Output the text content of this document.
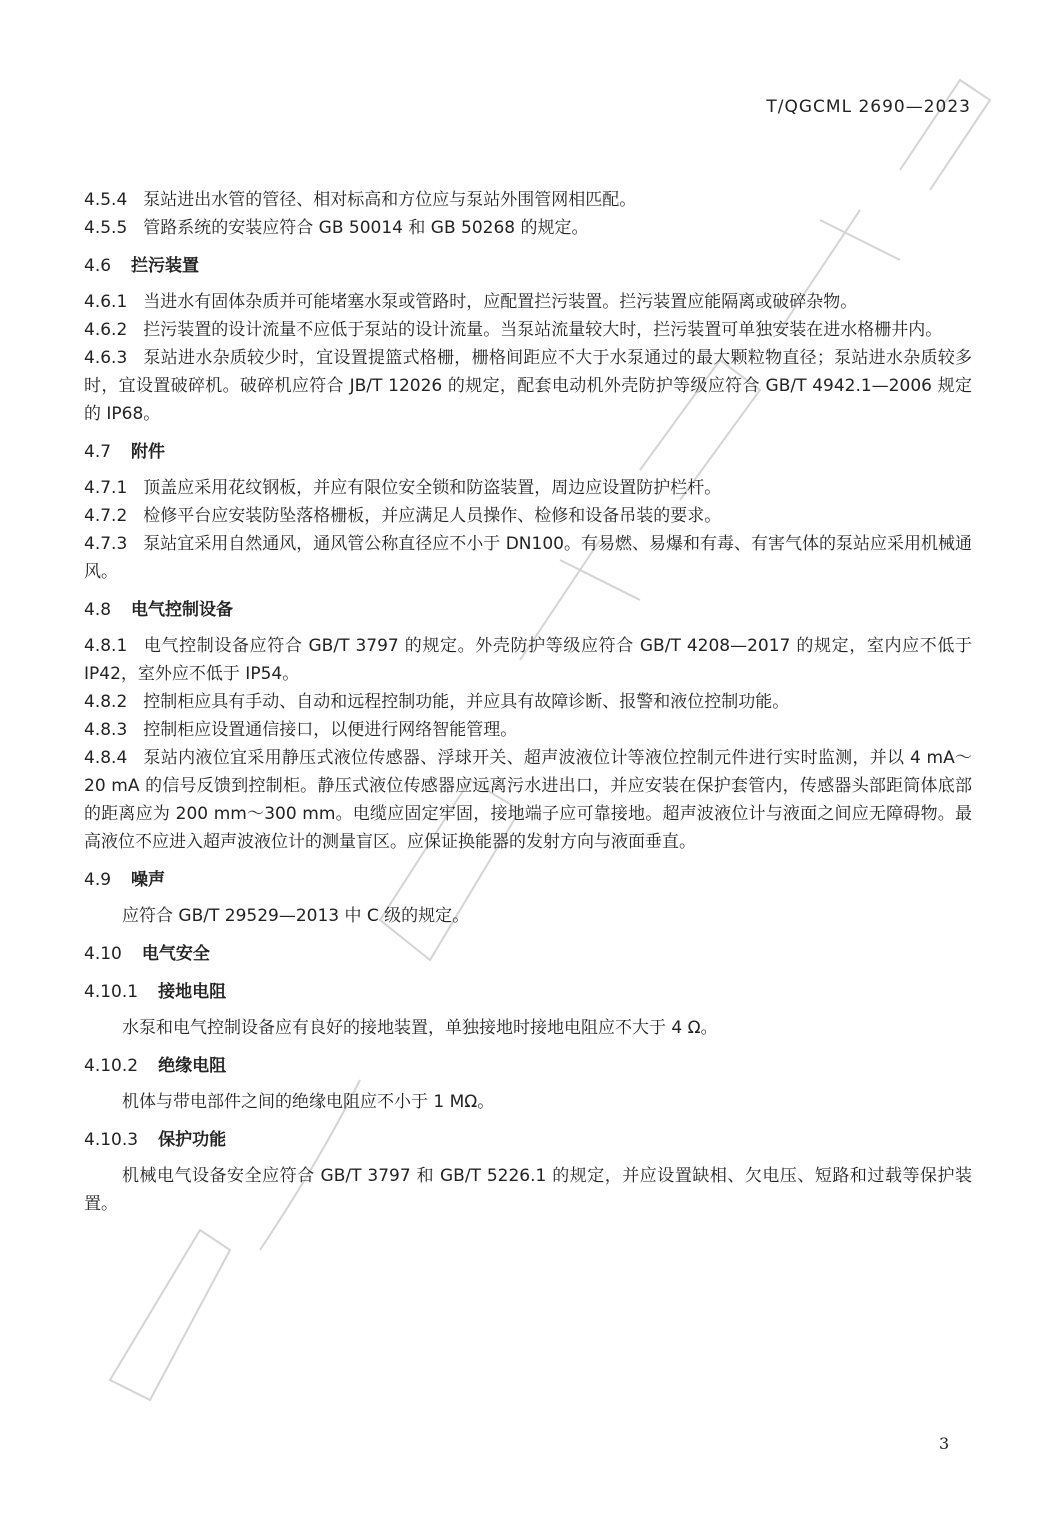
T/QGCML 2690—2023
4.5.4 泵站进出水管的管径、相对标高和方位应与泵站外围管网相匹配。
4.5.5 管路系统的安装应符合 GB 50014 和 GB 50268 的规定。
4.6 拦污装置
4.6.1 当进水有固体杂质并可能堵塞水泵或管路时，应配置拦污装置。拦污装置应能隔离或破碎杂物。
4.6.2 拦污装置的设计流量不应低于泵站的设计流量。当泵站流量较大时，拦污装置可单独安装在进水格栅井内。
4.6.3 泵站进水杂质较少时，宜设置提篮式格栅，栅格间距应不大于水泵通过的最大颗粒物直径；泵站进水杂质较多时，宜设置破碎机。破碎机应符合 JB/T 12026 的规定，配套电动机外壳防护等级应符合 GB/T 4942.1—2006 规定的 IP68。
4.7 附件
4.7.1 顶盖应采用花纹钢板，并应有限位安全锁和防盗装置，周边应设置防护栏杆。
4.7.2 检修平台应安装防坠落格栅板，并应满足人员操作、检修和设备吊装的要求。
4.7.3 泵站宜采用自然通风，通风管公称直径应不小于 DN100。有易燃、易爆和有毒、有害气体的泵站应采用机械通风。
4.8 电气控制设备
4.8.1 电气控制设备应符合 GB/T 3797 的规定。外壳防护等级应符合 GB/T 4208—2017 的规定，室内应不低于 IP42，室外应不低于 IP54。
4.8.2 控制柜应具有手动、自动和远程控制功能，并应具有故障诊断、报警和液位控制功能。
4.8.3 控制柜应设置通信接口，以便进行网络智能管理。
4.8.4 泵站内液位宜采用静压式液位传感器、浮球开关、超声波液位计等液位控制元件进行实时监测，并以 4 mA～20 mA 的信号反馈到控制柜。静压式液位传感器应远离污水进出口，并应安装在保护套管内，传感器头部距筒体底部的距离应为 200 mm～300 mm。电缆应固定牢固，接地端子应可靠接地。超声波液位计与液面之间应无障碍物。最高液位不应进入超声波液位计的测量盲区。应保证换能器的发射方向与液面垂直。
4.9 噪声
应符合 GB/T 29529—2013 中 C 级的规定。
4.10 电气安全
4.10.1 接地电阻
水泵和电气控制设备应有良好的接地装置，单独接地时接地电阻应不大于 4 Ω。
4.10.2 绝缘电阻
机体与带电部件之间的绝缘电阻应不小于 1 MΩ。
4.10.3 保护功能
机械电气设备安全应符合 GB/T 3797 和 GB/T 5226.1 的规定，并应设置缺相、欠电压、短路和过载等保护装置。
3
